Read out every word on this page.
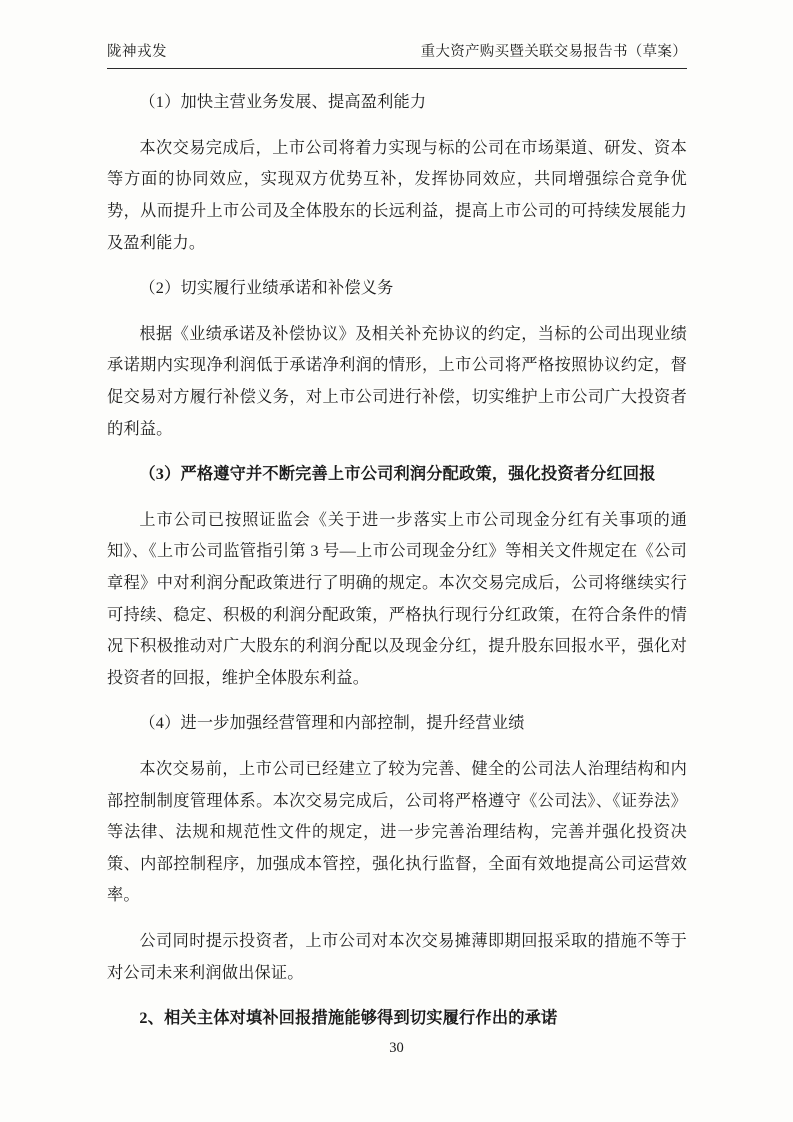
陇神戎发	重大资产购买暨关联交易报告书（草案）

（1）加快主营业务发展、提高盈利能力

本次交易完成后，上市公司将着力实现与标的公司在市场渠道、研发、资本等方面的协同效应，实现双方优势互补，发挥协同效应，共同增强综合竞争优势，从而提升上市公司及全体股东的长远利益，提高上市公司的可持续发展能力及盈利能力。

（2）切实履行业绩承诺和补偿义务

根据《业绩承诺及补偿协议》及相关补充协议的约定，当标的公司出现业绩承诺期内实现净利润低于承诺净利润的情形，上市公司将严格按照协议约定，督促交易对方履行补偿义务，对上市公司进行补偿，切实维护上市公司广大投资者的利益。

（3）严格遵守并不断完善上市公司利润分配政策，强化投资者分红回报

上市公司已按照证监会《关于进一步落实上市公司现金分红有关事项的通知》、《上市公司监管指引第 3 号—上市公司现金分红》等相关文件规定在《公司章程》中对利润分配政策进行了明确的规定。本次交易完成后，公司将继续实行可持续、稳定、积极的利润分配政策，严格执行现行分红政策，在符合条件的情况下积极推动对广大股东的利润分配以及现金分红，提升股东回报水平，强化对投资者的回报，维护全体股东利益。

（4）进一步加强经营管理和内部控制，提升经营业绩

本次交易前，上市公司已经建立了较为完善、健全的公司法人治理结构和内部控制制度管理体系。本次交易完成后，公司将严格遵守《公司法》、《证券法》等法律、法规和规范性文件的规定，进一步完善治理结构，完善并强化投资决策、内部控制程序，加强成本管控，强化执行监督，全面有效地提高公司运营效率。

公司同时提示投资者，上市公司对本次交易摊薄即期回报采取的措施不等于对公司未来利润做出保证。

2、相关主体对填补回报措施能够得到切实履行作出的承诺

30
